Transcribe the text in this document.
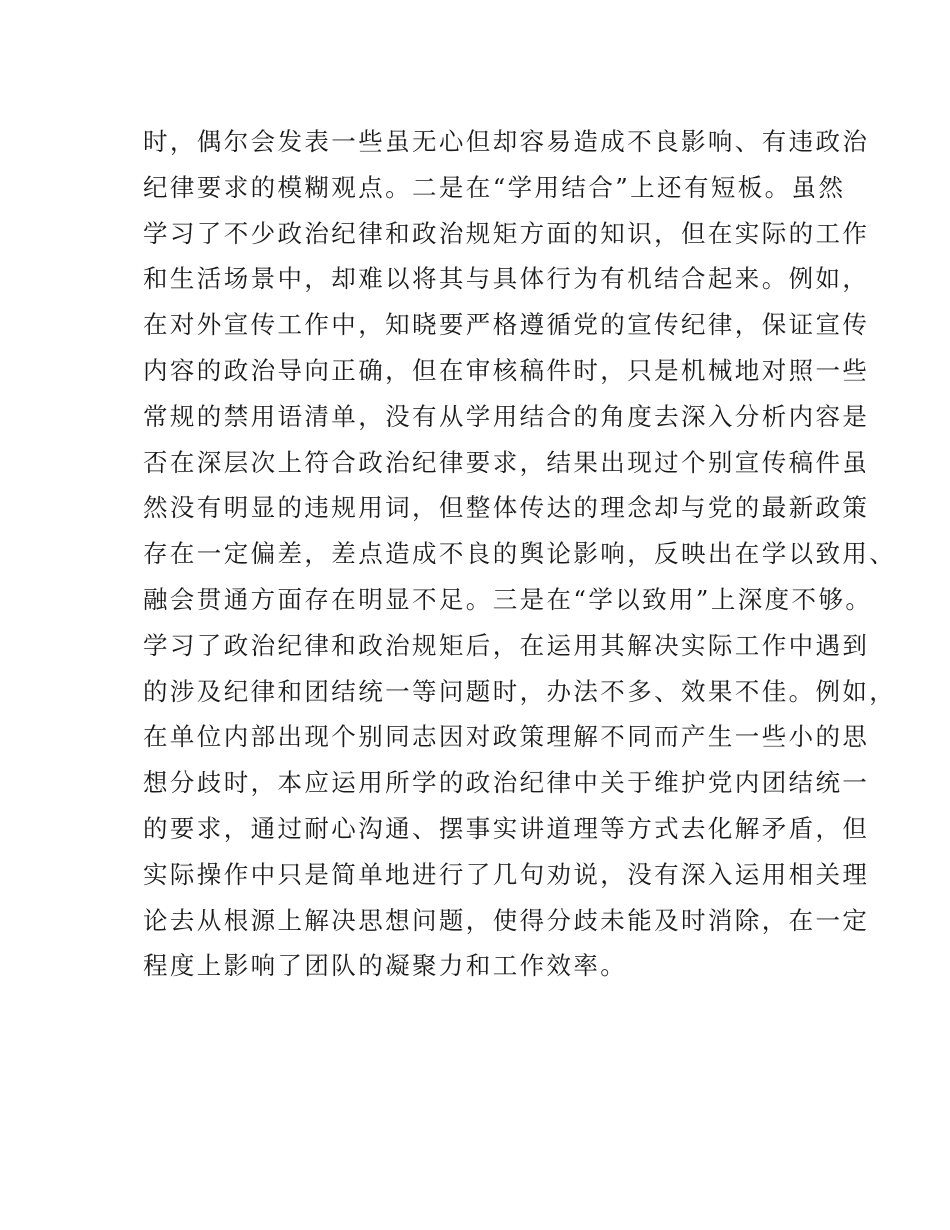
时，偶尔会发表一些虽无心但却容易造成不良影响、有违政治
纪律要求的模糊观点。二是在“学用结合”上还有短板。虽然
学习了不少政治纪律和政治规矩方面的知识，但在实际的工作
和生活场景中，却难以将其与具体行为有机结合起来。例如，
在对外宣传工作中，知晓要严格遵循党的宣传纪律，保证宣传
内容的政治导向正确，但在审核稿件时，只是机械地对照一些
常规的禁用语清单，没有从学用结合的角度去深入分析内容是
否在深层次上符合政治纪律要求，结果出现过个别宣传稿件虽
然没有明显的违规用词，但整体传达的理念却与党的最新政策
存在一定偏差，差点造成不良的舆论影响，反映出在学以致用、
融会贯通方面存在明显不足。三是在“学以致用”上深度不够。
学习了政治纪律和政治规矩后，在运用其解决实际工作中遇到
的涉及纪律和团结统一等问题时，办法不多、效果不佳。例如，
在单位内部出现个别同志因对政策理解不同而产生一些小的思
想分歧时，本应运用所学的政治纪律中关于维护党内团结统一
的要求，通过耐心沟通、摆事实讲道理等方式去化解矛盾，但
实际操作中只是简单地进行了几句劝说，没有深入运用相关理
论去从根源上解决思想问题，使得分歧未能及时消除，在一定
程度上影响了团队的凝聚力和工作效率。
